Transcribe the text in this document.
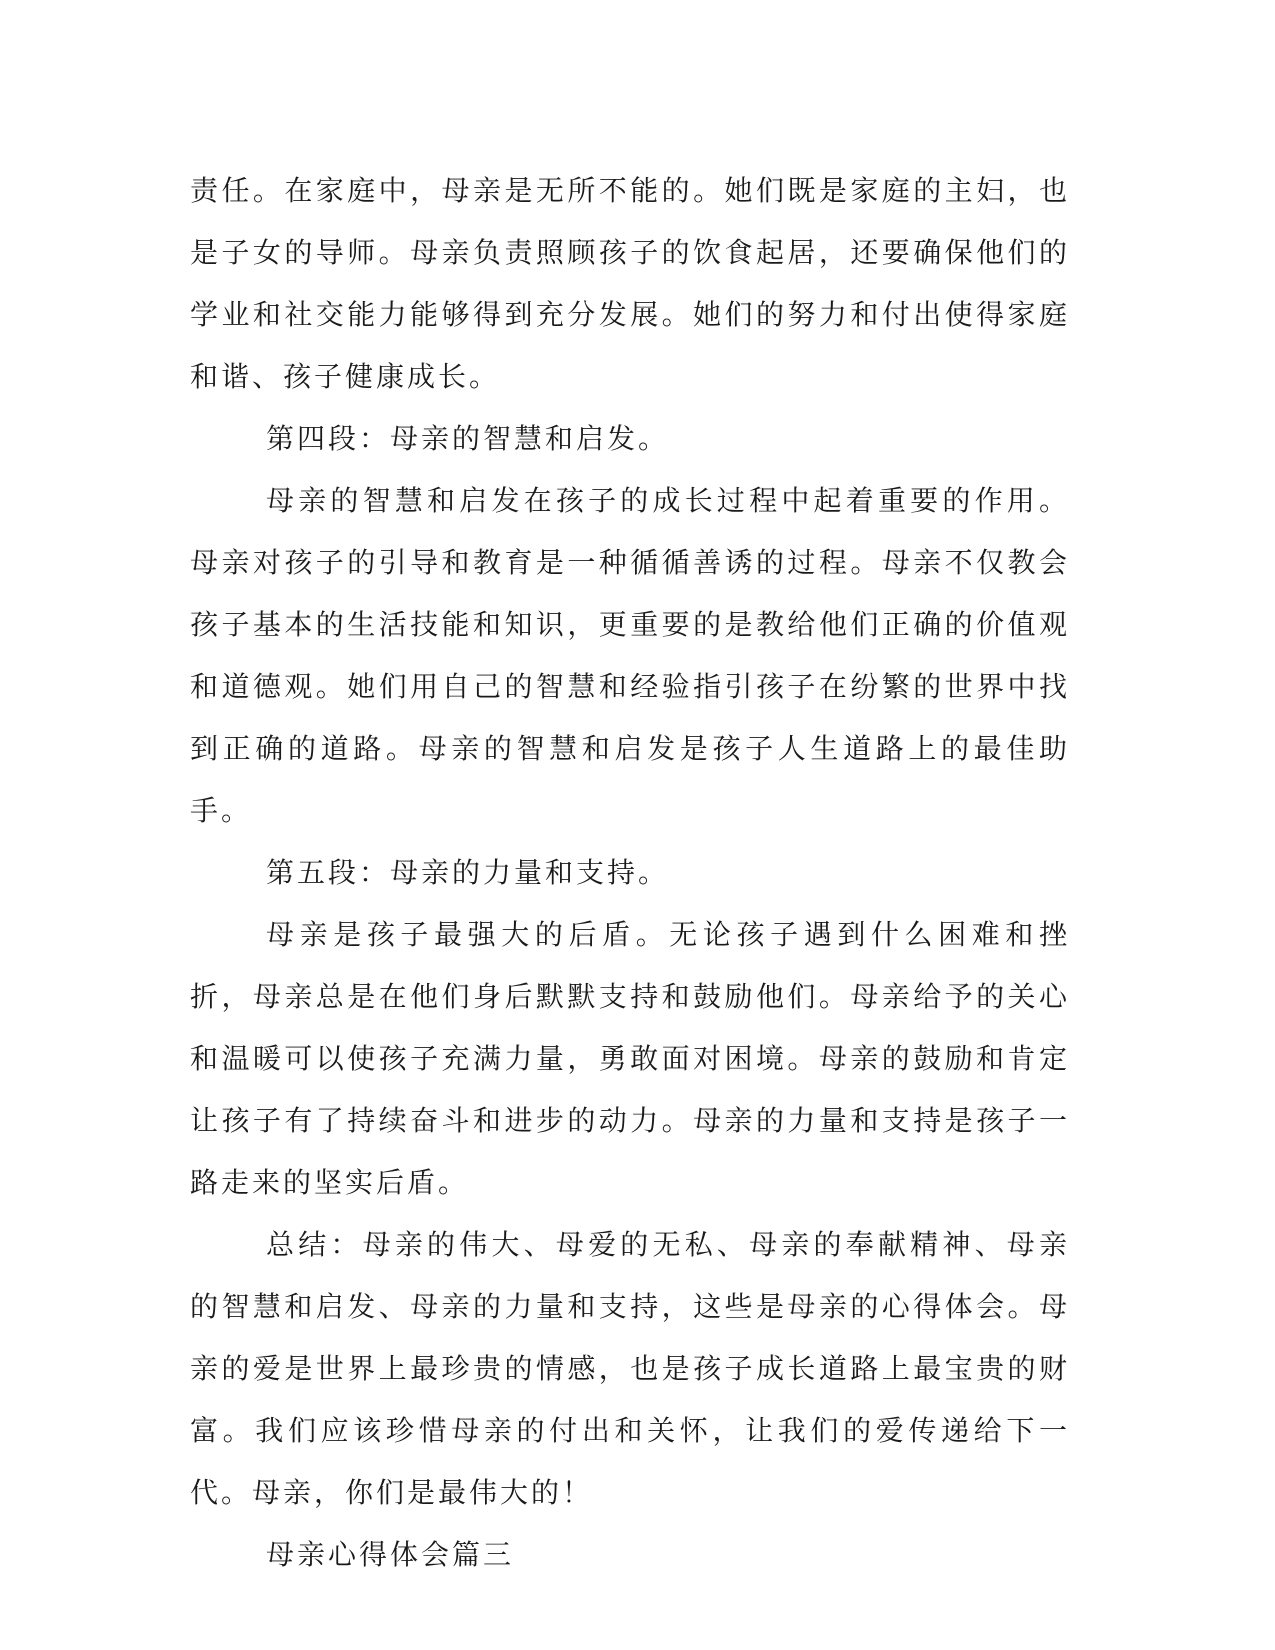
责任。在家庭中，母亲是无所不能的。她们既是家庭的主妇，也是子女的导师。母亲负责照顾孩子的饮食起居，还要确保他们的学业和社交能力能够得到充分发展。她们的努力和付出使得家庭和谐、孩子健康成长。

第四段：母亲的智慧和启发。

母亲的智慧和启发在孩子的成长过程中起着重要的作用。母亲对孩子的引导和教育是一种循循善诱的过程。母亲不仅教会孩子基本的生活技能和知识，更重要的是教给他们正确的价值观和道德观。她们用自己的智慧和经验指引孩子在纷繁的世界中找到正确的道路。母亲的智慧和启发是孩子人生道路上的最佳助手。

第五段：母亲的力量和支持。

母亲是孩子最强大的后盾。无论孩子遇到什么困难和挫折，母亲总是在他们身后默默支持和鼓励他们。母亲给予的关心和温暖可以使孩子充满力量，勇敢面对困境。母亲的鼓励和肯定让孩子有了持续奋斗和进步的动力。母亲的力量和支持是孩子一路走来的坚实后盾。

总结：母亲的伟大、母爱的无私、母亲的奉献精神、母亲的智慧和启发、母亲的力量和支持，这些是母亲的心得体会。母亲的爱是世界上最珍贵的情感，也是孩子成长道路上最宝贵的财富。我们应该珍惜母亲的付出和关怀，让我们的爱传递给下一代。母亲，你们是最伟大的！

母亲心得体会篇三
